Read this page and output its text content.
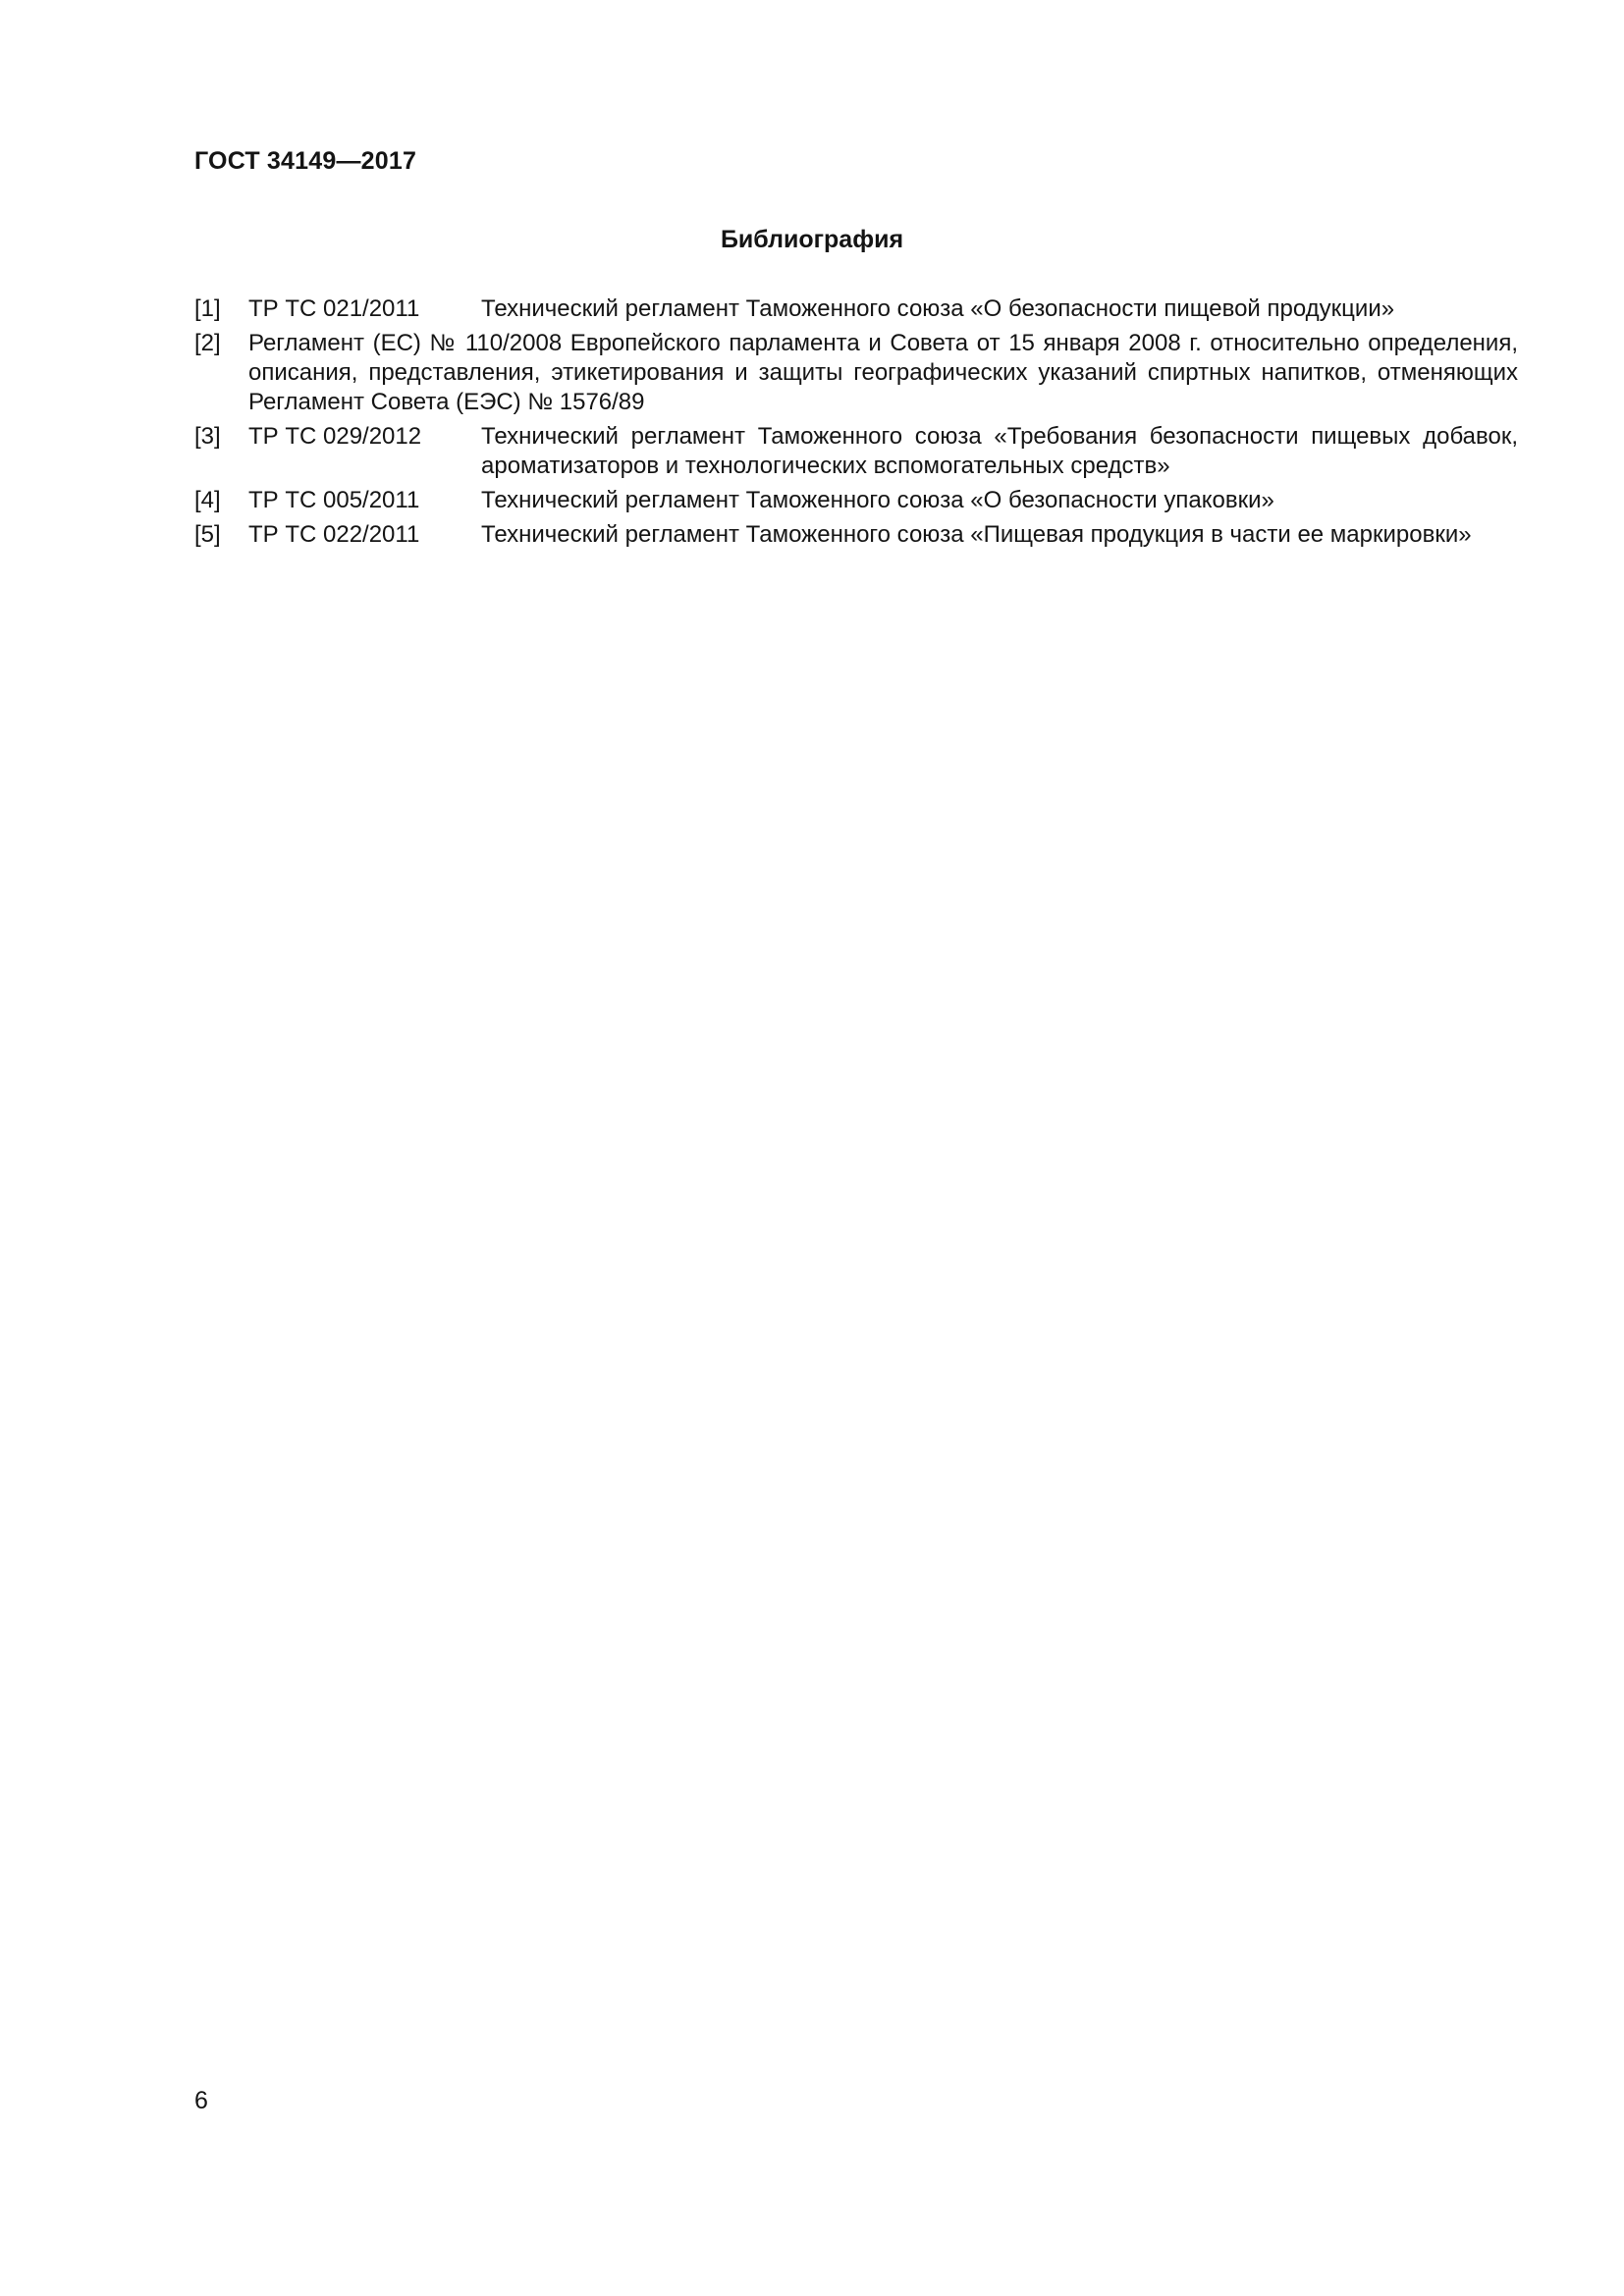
ГОСТ 34149—2017
Библиография
[1] ТР ТС 021/2011	Технический регламент Таможенного союза «О безопасности пищевой продукции»
[2] Регламент (ЕС) № 110/2008 Европейского парламента и Совета от 15 января 2008 г. относительно определения, описания, представления, этикетирования и защиты географических указаний спиртных напитков, отменяющих Регламент Совета (ЕЭС) № 1576/89
[3] ТР ТС 029/2012	Технический регламент Таможенного союза «Требования безопасности пищевых добавок, ароматизаторов и технологических вспомогательных средств»
[4] ТР ТС 005/2011	Технический регламент Таможенного союза «О безопасности упаковки»
[5] ТР ТС 022/2011	Технический регламент Таможенного союза «Пищевая продукция в части ее маркировки»
6
